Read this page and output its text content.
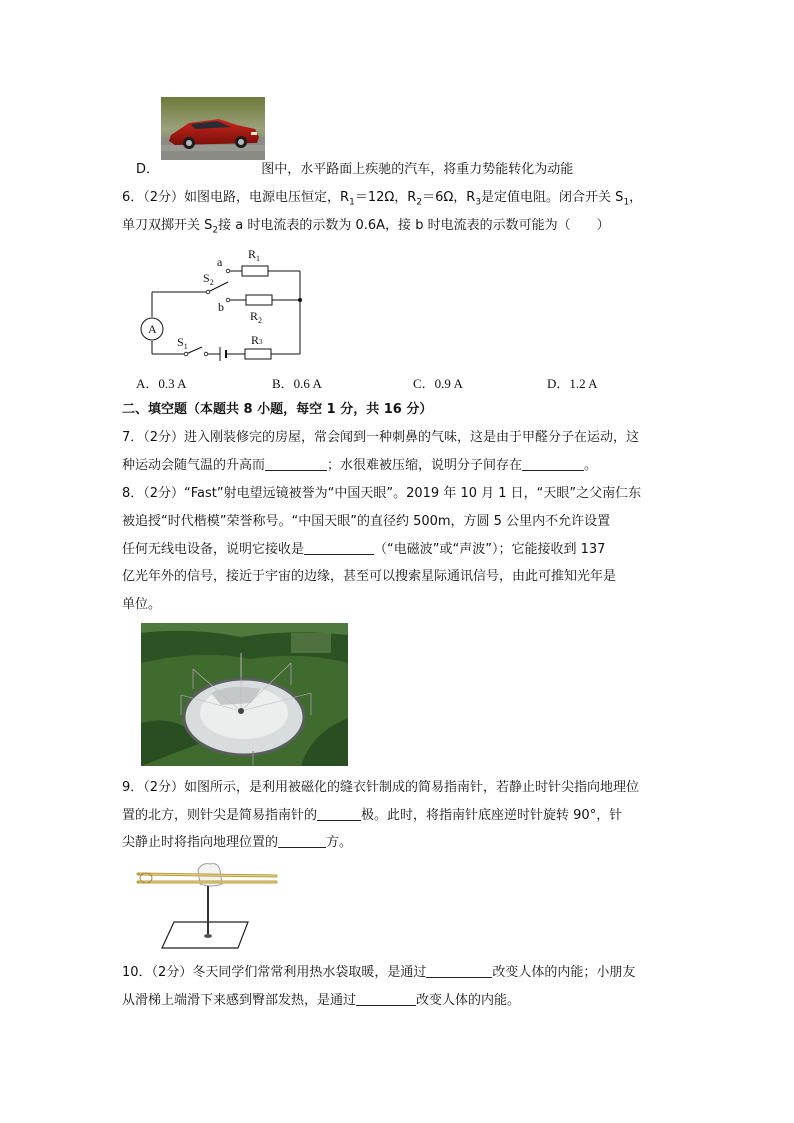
D．	图中，水平路面上疾驰的汽车，将重力势能转化为动能
6．（2分）如图电路，电源电压恒定，$R_1=12\Omega$，$R_2=6\Omega$，$R_3$是定值电阻。闭合开关 $S_1$，
单刀双掷开关 $S_2$接 a 时电流表的示数为 0.6A，接 b 时电流表的示数可能为（　　）
a
b
$R_1$
$R_2$
R3
$S_2$
$S_1$
A
A．0.3 A	B．0.6 A	C．0.9 A	D．1.2 A
二、填空题（本题共 8 小题，每空 1 分，共 16 分）
7．（2分）进入刚装修完的房屋，常会闻到一种刺鼻的气味，这是由于甲醛分子在运动，这
种运动会随气温的升高而	；水很难被压缩，说明分子间存在	。
8．（2分）“Fast”射电望远镜被誉为“中国天眼”。2019 年 10 月 1 日，“天眼”之父南仁东
被追授“时代楷模”荣誉称号。“中国天眼”的直径约 500m，方圆 5 公里内不允许设置
任何无线电设备，说明它接收是	（“电磁波”或“声波”）；它能接收到 137
亿光年外的信号，接近于宇宙的边缘，甚至可以搜索星际通讯信号，由此可推知光年是
单位。
9．（2分）如图所示，是利用被磁化的缝衣针制成的简易指南针，若静止时针尖指向地理位
置的北方，则针尖是简易指南针的	极。此时，将指南针底座逆时针旋转 90°，针
尖静止时将指向地理位置的	方。
10．（2分）冬天同学们常常利用热水袋取暖，是通过	改变人体的内能；小朋友
从滑梯上端滑下来感到臀部发热，是通过	改变人体的内能。
